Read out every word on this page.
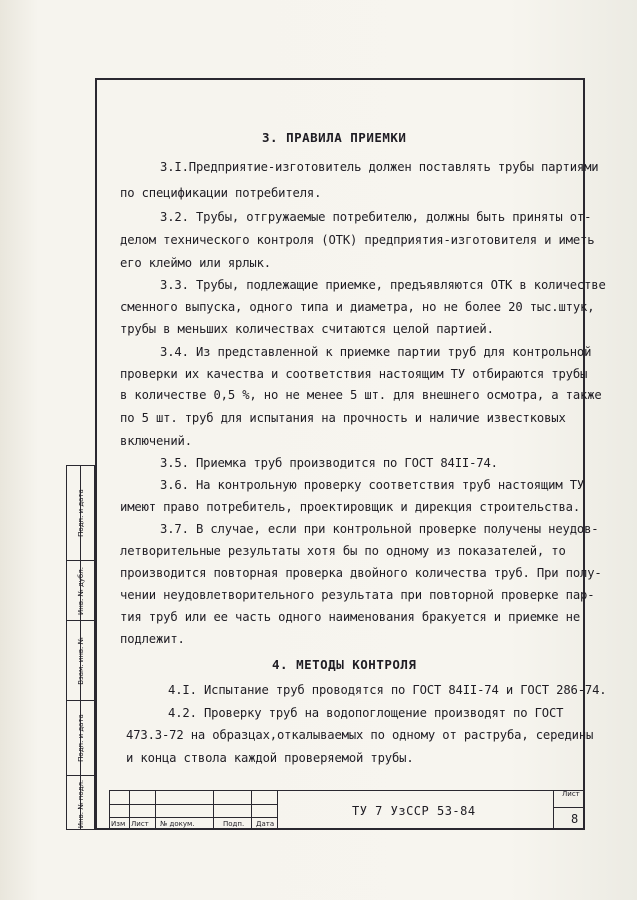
Подп. и дата
Инв. № дубл.
Взам. инв. №
Подп. и дата
Инв. № подл.
3. ПРАВИЛА ПРИЕМКИ
3.I.Предприятие-изготовитель должен поставлять трубы партиями
по спецификации потребителя.
3.2. Трубы, отгружаемые потребителю, должны быть приняты от-
делом технического контроля (ОТК) предприятия-изготовителя и иметь
его клеймо или ярлык.
3.3. Трубы, подлежащие приемке, предъявляются ОТК в количестве
сменного выпуска, одного типа и диаметра, но не более 20 тыс.штук,
трубы в меньших количествах считаются целой партией.
3.4. Из представленной к приемке партии труб для контрольной
проверки их качества и соответствия настоящим ТУ отбираются трубы
в количестве 0,5 %, но не менее 5 шт. для внешнего осмотра, а также
по 5 шт. труб для испытания на прочность и наличие известковых
включений.
3.5. Приемка труб производится по ГОСТ 84II-74.
3.6. На контрольную проверку соответствия труб настоящим ТУ
имеют право потребитель, проектировщик и дирекция строительства.
3.7. В случае, если при контрольной проверке получены неудов-
летворительные результаты хотя бы по одному из показателей, то
производится повторная проверка двойного количества труб. При полу-
чении неудовлетворительного результата при повторной проверке пар-
тия труб или ее часть одного наименования бракуется и приемке не
подлежит.
4. МЕТОДЫ КОНТРОЛЯ
4.I. Испытание труб проводятся по ГОСТ 84II-74 и ГОСТ 286-74.
4.2. Проверку труб на водопоглощение производят по ГОСТ
473.3-72 на образцах,откалываемых по одному от раструба, середины
и конца ствола каждой проверяемой трубы.
Изм Лист № докум.	Подп. Дата
ТУ 7 УзССР 53-84
Лист
8
